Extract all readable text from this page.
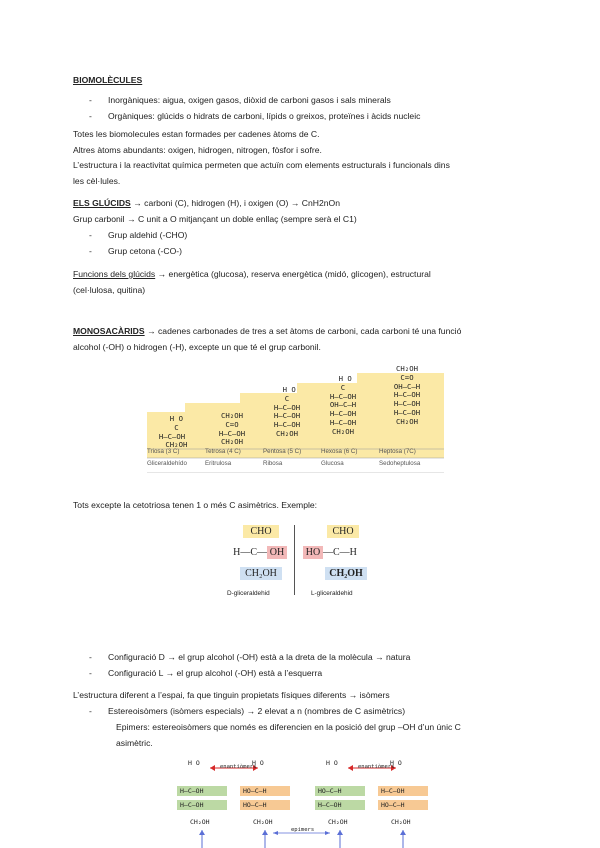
BIOMOLÈCULES
- Inorgàniques: aigua, oxigen gasos, diòxid de carboni gasos i sals minerals
- Orgàniques: glúcids o hidrats de carboni, lípids o greixos, proteïnes i àcids nucleic
Totes les biomolecules estan formades per cadenes àtoms de C.
Altres àtoms abundants: oxigen, hidrogen, nitrogen, fòsfor i sofre.
L’estructura i la reactivitat química permeten que actuïn com elements estructurals i funcionals dins
les cèl·lules.
ELS GLÚCIDS → carboni (C), hidrogen (H), i oxigen (O) → CnH2nOn
Grup carbonil → C unit a O mitjançant un doble enllaç (sempre serà el C1)
- Grup aldehid (-CHO)
- Grup cetona (-CO-)
Funcions dels glúcids → energètica (glucosa), reserva energètica (midó, glicogen), estructural
(cel·lulosa, quitina)
MONOSACÀRIDS → cadenes carbonades de tres a set àtoms de carboni, cada carboni té una funció
alcohol (-OH) o hidrogen (-H), excepte un que té el grup carbonil.
H O
C
H—C—OH
CH₂OH
CH₂OH
C=O
H—C—OH
CH₂OH
H O
C
H—C—OH
H—C—OH
H—C—OH
CH₂OH
H O
C
H—C—OH
OH—C—H
H—C—OH
H—C—OH
CH₂OH
CH₂OH
C=O
OH—C—H
H—C—OH
H—C—OH
H—C—OH
CH₂OH
Triosa (3 C)	Tetrosa (4 C)	Pentosa (5 C)	Hexosa (6 C)	Heptosa (7C)
Gliceraldehído	Eritrulosa	Ribosa	Glucosa	Sedoheptulosa
Tots excepte la cetotriosa tenen 1 o més C asimètrics. Exemple:
CHO
H—C— OH
CH₂OH
D-gliceraldehid
CHO
HO —C—H
CH₂OH
L-gliceraldehid
- Configuració D → el grup alcohol (-OH) està a la dreta de la molècula → natura
- Configuració L → el grup alcohol (-OH) està a l’esquerra
L’estructura diferent a l’espai, fa que tinguin propietats físiques diferents → isòmers
- Estereoisòmers (isòmers especials) → 2 elevat a n (nombres de C asimètrics)
Epimers: estereoisòmers que només es diferencien en la posició del grup –OH d’un únic C
asimètric.
enantiòmers	enantiòmers
epimers
H O	H O	H O	H O
H—C—OH
H—C—OH
HO—C—H
HO—C—H
HO—C—H
H—C—OH
H—C—OH
HO—C—H
CH₂OH	CH₂OH	CH₂OH	CH₂OH
